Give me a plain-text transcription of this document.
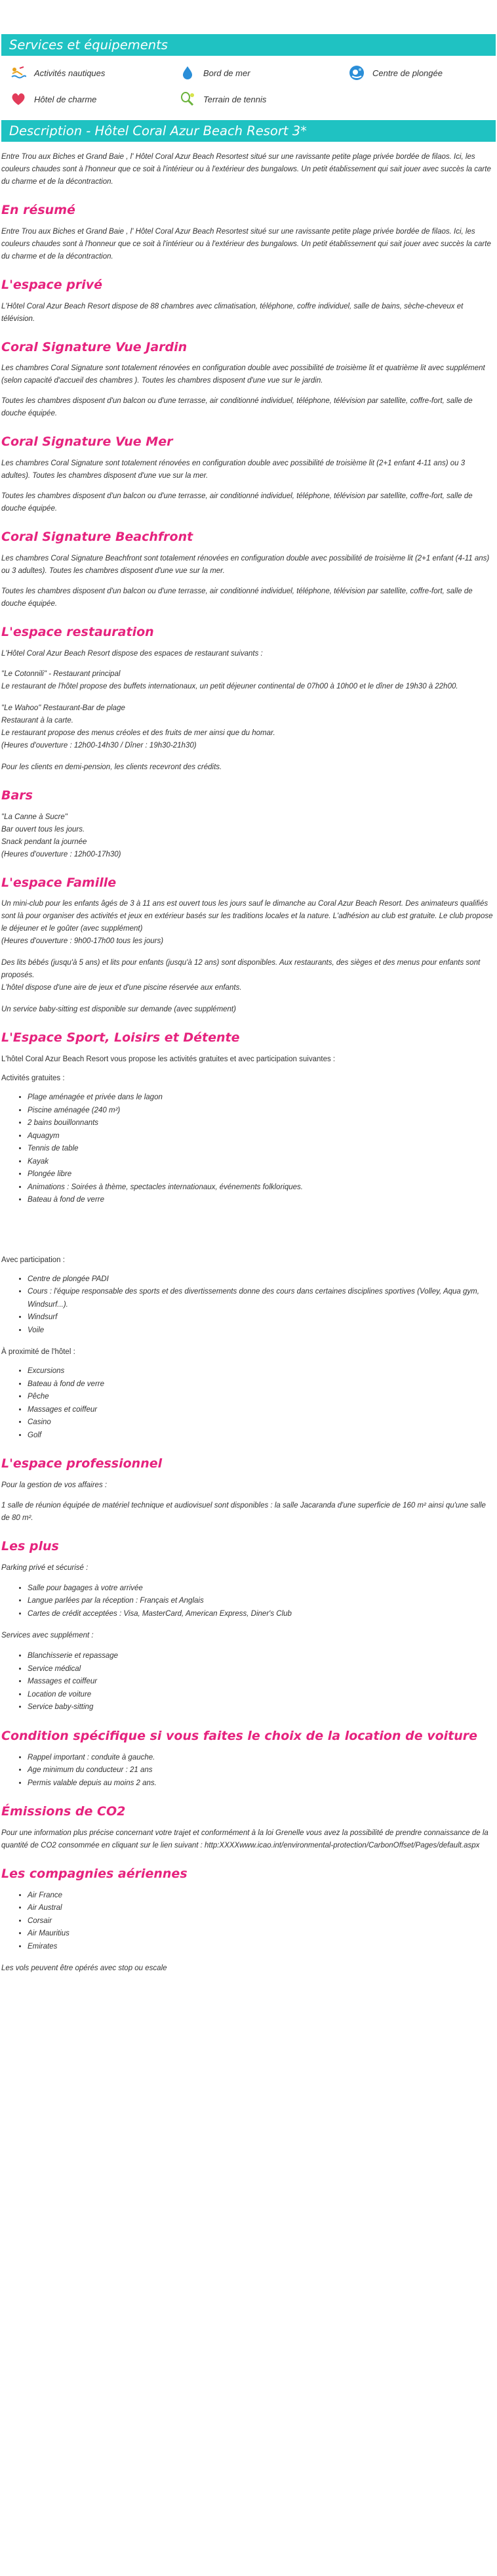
Services et équipements
Activités nautiques	Bord de mer	Centre de plongée
Hôtel de charme	Terrain de tennis
Description - Hôtel Coral Azur Beach Resort 3*

Entre Trou aux Biches et Grand Baie , l' Hôtel Coral Azur Beach Resortest situé sur une ravissante petite plage privée bordée de filaos. Ici, les couleurs chaudes sont à l'honneur que ce soit à l'intérieur ou à l'extérieur des bungalows. Un petit établissement qui sait jouer avec succès la carte du charme et de la décontraction.

En résumé

Entre Trou aux Biches et Grand Baie , l' Hôtel Coral Azur Beach Resortest situé sur une ravissante petite plage privée bordée de filaos. Ici, les couleurs chaudes sont à l'honneur que ce soit à l'intérieur ou à l'extérieur des bungalows. Un petit établissement qui sait jouer avec succès la carte du charme et de la décontraction.

L'espace privé

L'Hôtel Coral Azur Beach Resort dispose de 88 chambres avec climatisation, téléphone, coffre individuel, salle de bains, sèche-cheveux et télévision.

Coral Signature Vue Jardin

Les chambres Coral Signature sont totalement rénovées en configuration double avec possibilité de troisième lit et quatrième lit avec supplément (selon capacité d'accueil des chambres ). Toutes les chambres disposent d'une vue sur le jardin.

Toutes les chambres disposent d'un balcon ou d'une terrasse, air conditionné individuel, téléphone, télévision par satellite, coffre-fort, salle de douche équipée.

Coral Signature Vue Mer

Les chambres Coral Signature sont totalement rénovées en configuration double avec possibilité de troisième lit (2+1 enfant 4-11 ans) ou 3 adultes). Toutes les chambres disposent d'une vue sur la mer.

Toutes les chambres disposent d'un balcon ou d'une terrasse, air conditionné individuel, téléphone, télévision par satellite, coffre-fort, salle de douche équipée.

Coral Signature Beachfront

Les chambres Coral Signature Beachfront sont totalement rénovées en configuration double avec possibilité de troisième lit (2+1 enfant (4-11 ans) ou 3 adultes). Toutes les chambres disposent d'une vue sur la mer.

Toutes les chambres disposent d'un balcon ou d'une terrasse, air conditionné individuel, téléphone, télévision par satellite, coffre-fort, salle de douche équipée.

L'espace restauration

L'Hôtel Coral Azur Beach Resort dispose des espaces de restaurant suivants :

"Le Cotonnili" - Restaurant principal
Le restaurant de l'hôtel propose des buffets internationaux, un petit déjeuner continental de 07h00 à 10h00 et le dîner de 19h30 à 22h00.
"Le Wahoo" Restaurant-Bar de plage
Restaurant à la carte.
Le restaurant propose des menus créoles et des fruits de mer ainsi que du homar.
(Heures d'ouverture : 12h00-14h30 / Dîner : 19h30-21h30)

Pour les clients en demi-pension, les clients recevront des crédits.

Bars
"La Canne à Sucre"
Bar ouvert tous les jours.
Snack pendant la journée
(Heures d'ouverture : 12h00-17h30)
L'espace Famille
Un mini-club pour les enfants âgés de 3 à 11 ans est ouvert tous les jours sauf le dimanche au Coral Azur Beach Resort. Des animateurs qualifiés sont là pour organiser des activités et jeux en extérieur basés sur les traditions locales et la nature. L'adhésion au club est gratuite. Le club propose le déjeuner et le goûter (avec supplément)
(Heures d'ouverture : 9h00-17h00 tous les jours)
Des lits bébés (jusqu'à 5 ans) et lits pour enfants (jusqu'à 12 ans) sont disponibles. Aux restaurants, des sièges et des menus pour enfants sont proposés.
L'hôtel dispose d'une aire de jeux et d'une piscine réservée aux enfants.

Un service baby-sitting est disponible sur demande (avec supplément)

L'Espace Sport, Loisirs et Détente

L'hôtel Coral Azur Beach Resort vous propose les activités gratuites et avec participation suivantes :

Activités gratuites :

• Plage aménagée et privée dans le lagon
• Piscine aménagée (240 m²)
• 2 bains bouillonnants
• Aquagym
• Tennis de table
• Kayak
• Plongée libre
• Animations : Soirées à thème, spectacles internationaux, événements folkloriques.
• Bateau à fond de verre

Avec participation :

• Centre de plongée PADI
• Cours : l'équipe responsable des sports et des divertissements donne des cours dans certaines disciplines sportives (Volley, Aqua gym, Windsurf...).
• Windsurf
• Voile

À proximité de l'hôtel :

• Excursions
• Bateau à fond de verre
• Pêche
• Massages et coiffeur
• Casino
• Golf
L'espace professionnel

Pour la gestion de vos affaires :

1 salle de réunion équipée de matériel technique et audiovisuel sont disponibles : la salle Jacaranda d'une superficie de 160 m² ainsi qu'une salle de 80 m².

Les plus

Parking privé et sécurisé :

• Salle pour bagages à votre arrivée
• Langue parlées par la réception : Français et Anglais
• Cartes de crédit acceptées : Visa, MasterCard, American Express, Diner's Club

Services avec supplément :

• Blanchisserie et repassage
• Service médical
• Massages et coiffeur
• Location de voiture
• Service baby-sitting
Condition spécifique si vous faites le choix de la location de voiture
• Rappel important : conduite à gauche.
• Age minimum du conducteur : 21 ans
• Permis valable depuis au moins 2 ans.
Émissions de CO2

Pour une information plus précise concernant votre trajet et conformément à la loi Grenelle vous avez la possibilité de prendre connaissance de la quantité de CO2 consommée en cliquant sur le lien suivant : http:XXXXwww.icao.int/environmental-protection/CarbonOffset/Pages/default.aspx

Les compagnies aériennes
• Air France
• Air Austral
• Corsair
• Air Mauritius
• Emirates

Les vols peuvent être opérés avec stop ou escale
